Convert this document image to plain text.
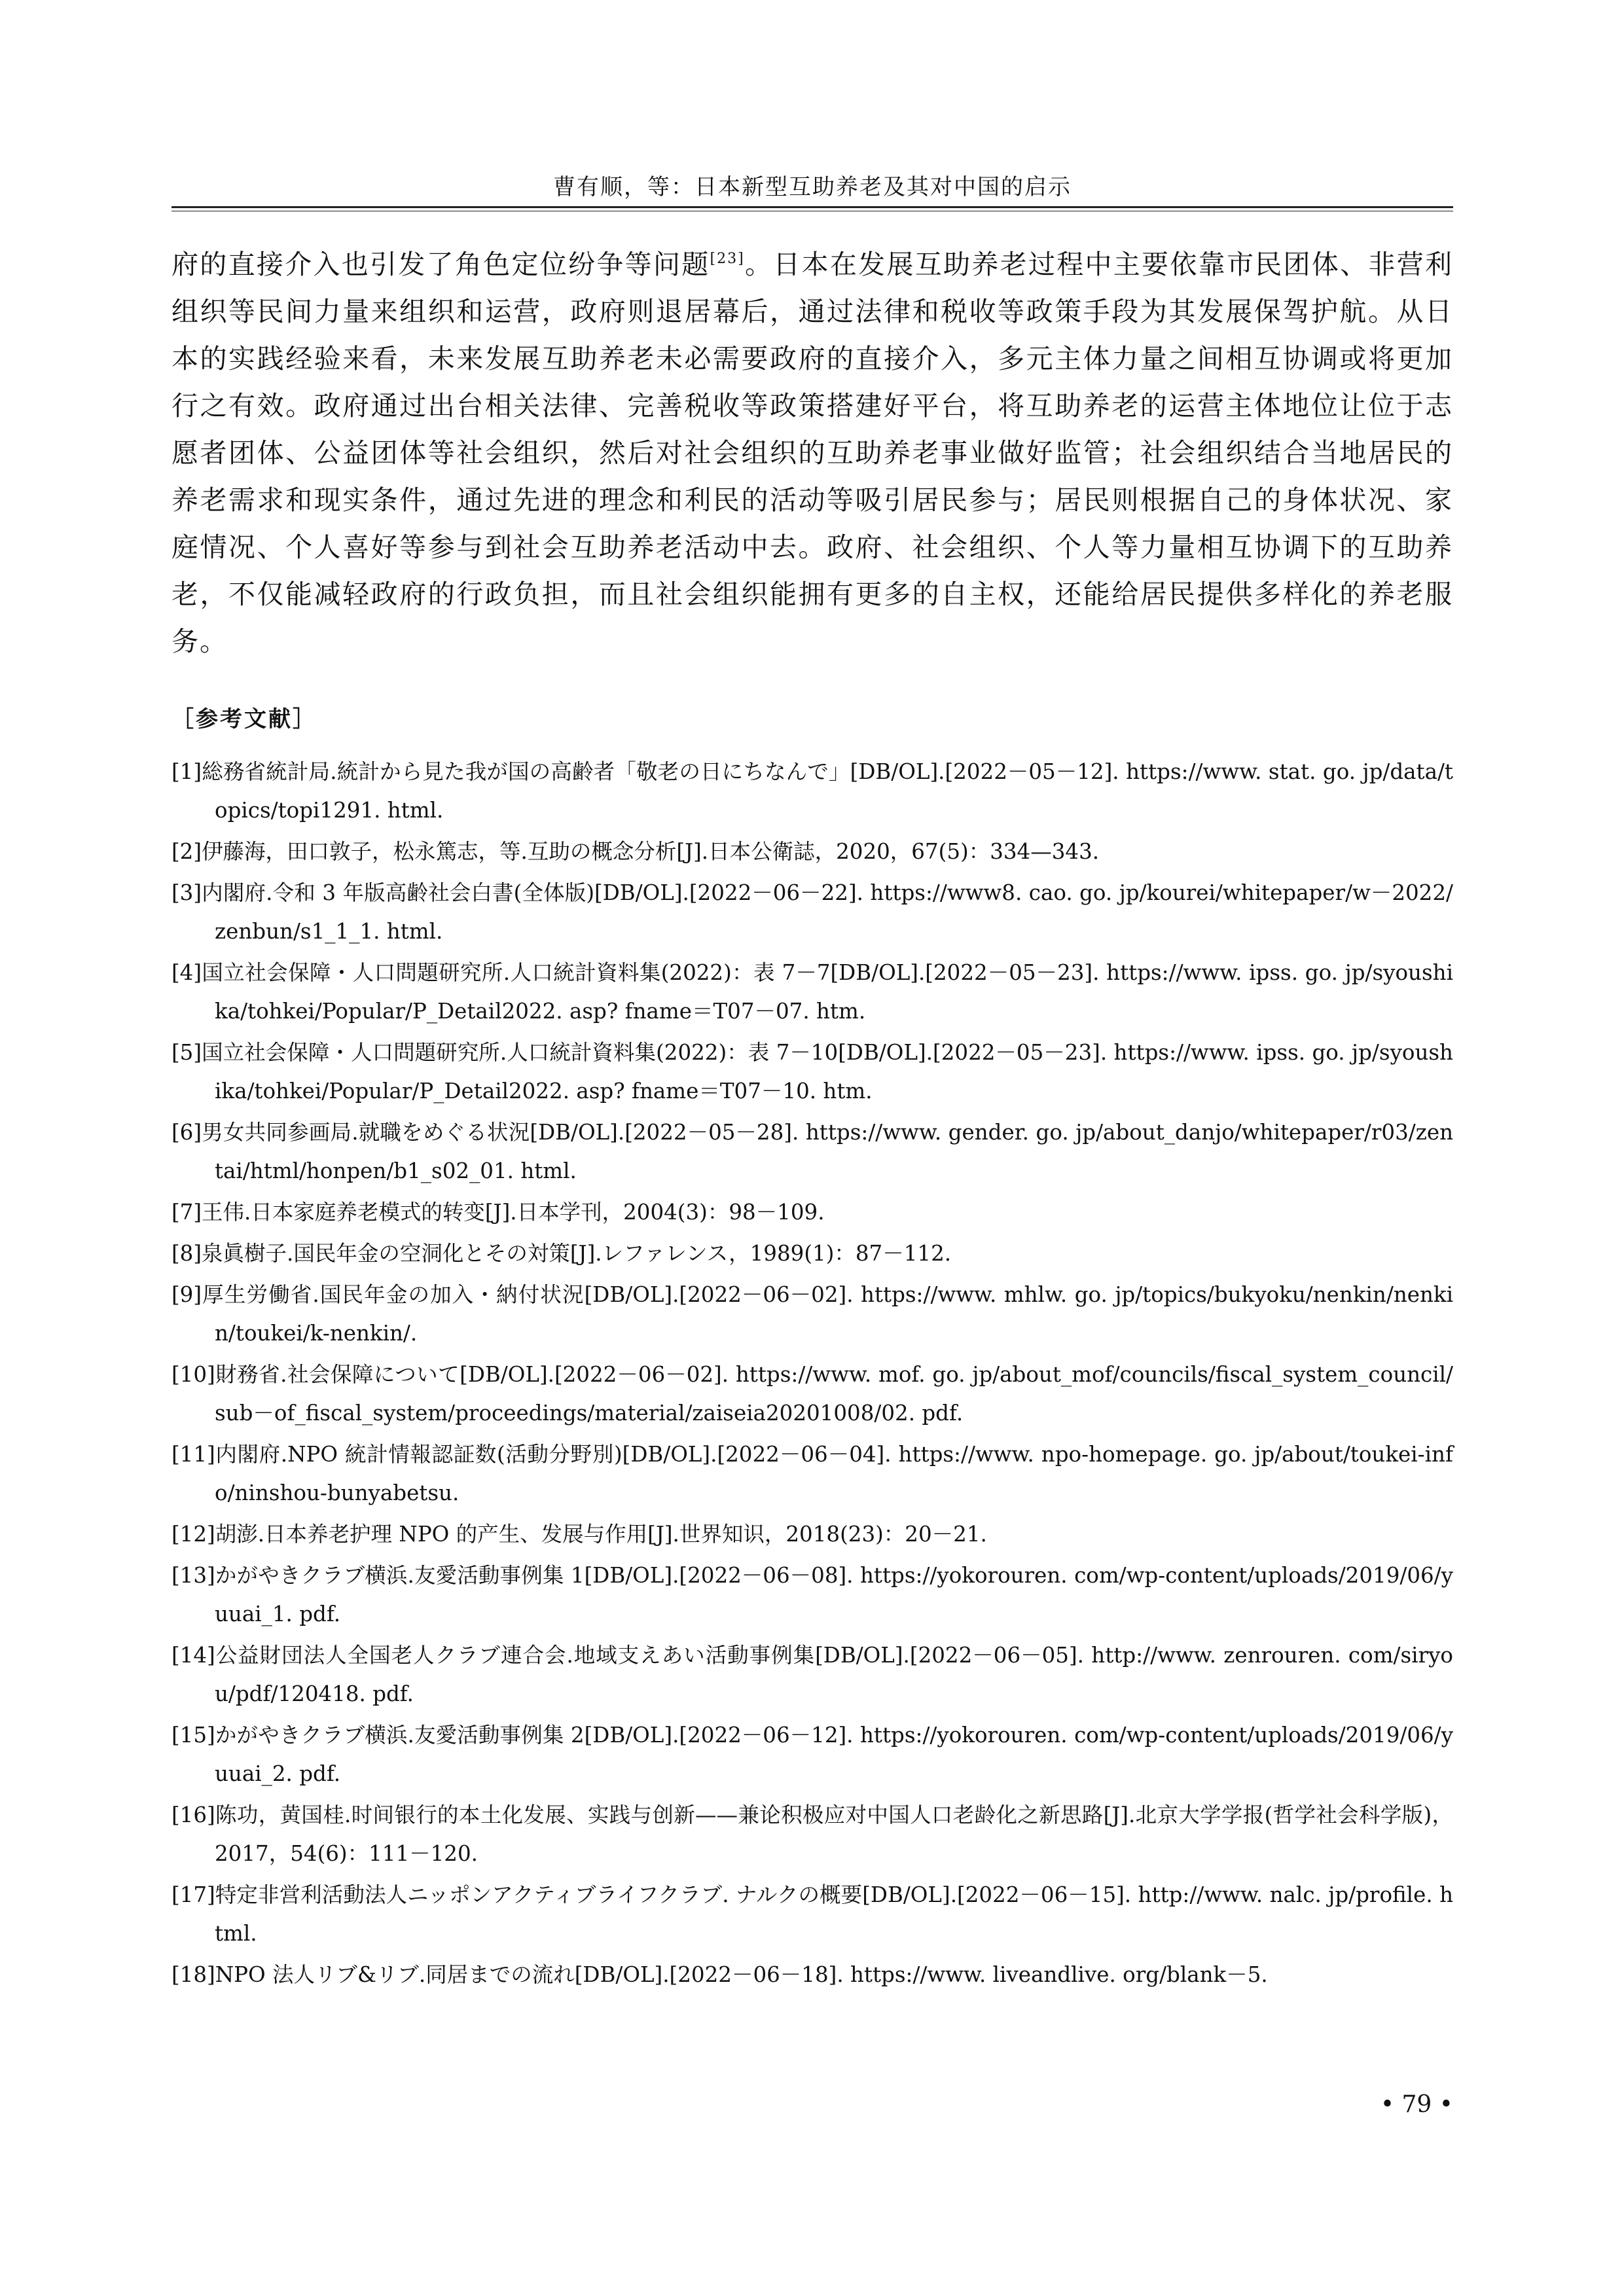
曹有顺，等：日本新型互助养老及其对中国的启示
府的直接介入也引发了角色定位纷争等问题[23]。日本在发展互助养老过程中主要依靠市民团体、非营利组织等民间力量来组织和运营，政府则退居幕后，通过法律和税收等政策手段为其发展保驾护航。从日本的实践经验来看，未来发展互助养老未必需要政府的直接介入，多元主体力量之间相互协调或将更加行之有效。政府通过出台相关法律、完善税收等政策搭建好平台，将互助养老的运营主体地位让位于志愿者团体、公益团体等社会组织，然后对社会组织的互助养老事业做好监管；社会组织结合当地居民的养老需求和现实条件，通过先进的理念和利民的活动等吸引居民参与；居民则根据自己的身体状况、家庭情况、个人喜好等参与到社会互助养老活动中去。政府、社会组织、个人等力量相互协调下的互助养老，不仅能减轻政府的行政负担，而且社会组织能拥有更多的自主权，还能给居民提供多样化的养老服务。
［参考文献］
[1]総務省統計局.統計から見た我が国の高齢者「敬老の日にちなんで」[DB/OL].[2022－05－12]. https://www. stat. go. jp/data/topics/topi1291. html.
[2]伊藤海，田口敦子，松永篤志，等.互助の概念分析[J].日本公衛誌，2020，67(5)：334—343.
[3]内閣府.令和 3 年版高齢社会白書(全体版)[DB/OL].[2022－06－22]. https://www8. cao. go. jp/kourei/whitepaper/w－2022/zenbun/s1_1_1. html.
[4]国立社会保障・人口問題研究所.人口統計資料集(2022)：表 7－7[DB/OL].[2022－05－23]. https://www. ipss. go. jp/syoushika/tohkei/Popular/P_Detail2022. asp? fname＝T07－07. htm.
[5]国立社会保障・人口問題研究所.人口統計資料集(2022)：表 7－10[DB/OL].[2022－05－23]. https://www. ipss. go. jp/syoushika/tohkei/Popular/P_Detail2022. asp? fname＝T07－10. htm.
[6]男女共同参画局.就職をめぐる状況[DB/OL].[2022－05－28]. https://www. gender. go. jp/about_danjo/whitepaper/r03/zentai/html/honpen/b1_s02_01. html.
[7]王伟.日本家庭养老模式的转变[J].日本学刊，2004(3)：98－109.
[8]泉眞樹子.国民年金の空洞化とその対策[J].レファレンス，1989(1)：87－112.
[9]厚生労働省.国民年金の加入・納付状況[DB/OL].[2022－06－02]. https://www. mhlw. go. jp/topics/bukyoku/nenkin/nenkin/toukei/k-nenkin/.
[10]財務省.社会保障について[DB/OL].[2022－06－02]. https://www. mof. go. jp/about_mof/councils/fiscal_system_council/sub－of_fiscal_system/proceedings/material/zaiseia20201008/02. pdf.
[11]内閣府.NPO 統計情報認証数(活動分野別)[DB/OL].[2022－06－04]. https://www. npo-homepage. go. jp/about/toukei-info/ninshou-bunyabetsu.
[12]胡澎.日本养老护理 NPO 的产生、发展与作用[J].世界知识，2018(23)：20－21.
[13]かがやきクラブ横浜.友愛活動事例集 1[DB/OL].[2022－06－08]. https://yokorouren. com/wp-content/uploads/2019/06/yuuai_1. pdf.
[14]公益財団法人全国老人クラブ連合会.地域支えあい活動事例集[DB/OL].[2022－06－05]. http://www. zenrouren. com/siryou/pdf/120418. pdf.
[15]かがやきクラブ横浜.友愛活動事例集 2[DB/OL].[2022－06－12]. https://yokorouren. com/wp-content/uploads/2019/06/yuuai_2. pdf.
[16]陈功，黄国桂.时间银行的本土化发展、实践与创新——兼论积极应对中国人口老龄化之新思路[J].北京大学学报(哲学社会科学版)，2017，54(6)：111－120.
[17]特定非営利活動法人ニッポンアクティブライフクラブ. ナルクの概要[DB/OL].[2022－06－15]. http://www. nalc. jp/profile. html.
[18]NPO 法人リブ&リブ.同居までの流れ[DB/OL].[2022－06－18]. https://www. liveandlive. org/blank－5.
• 79 •
